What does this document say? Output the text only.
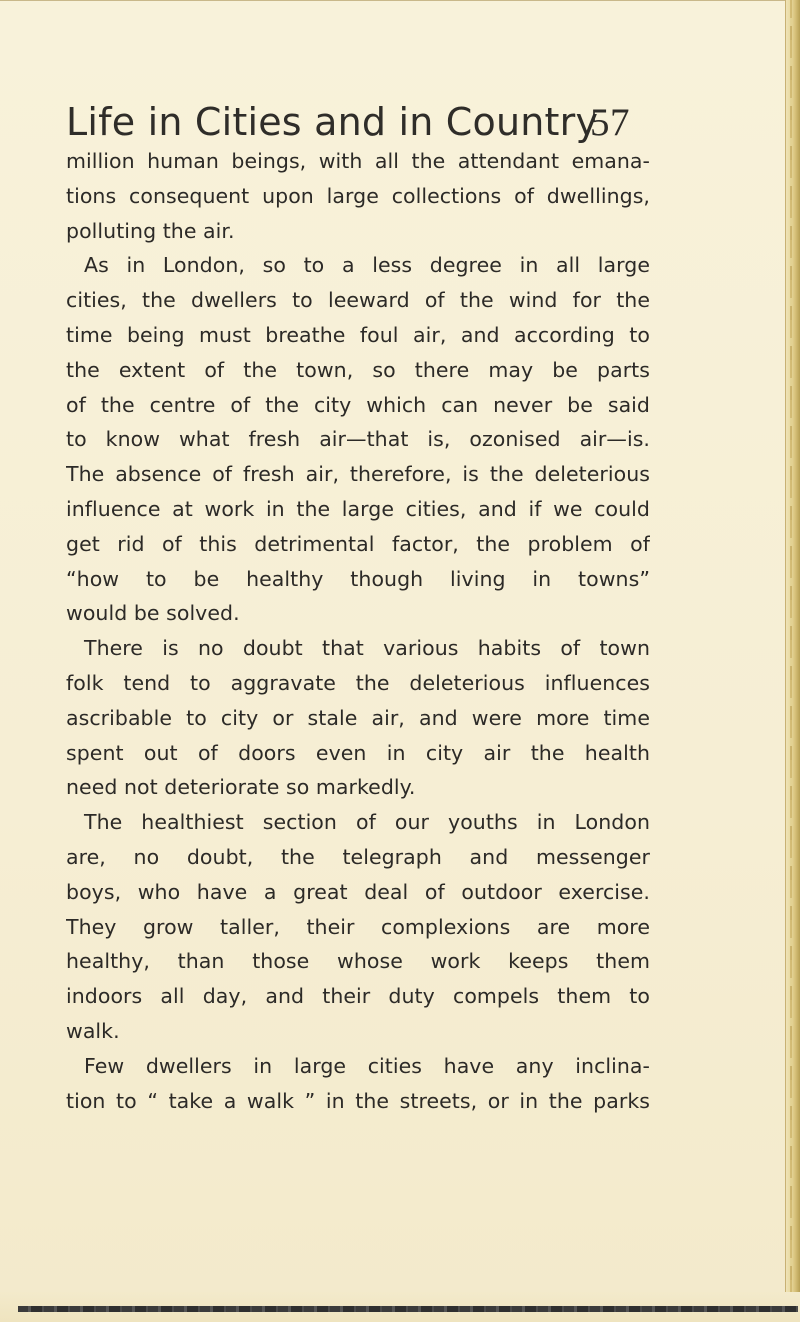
Life in Cities and in Country
57
million human beings, with all the attendant emana-
tions consequent upon large collections of dwellings,
polluting the air.
As in London, so to a less degree in all large
cities, the dwellers to leeward of the wind for the
time being must breathe foul air, and according to
the extent of the town, so there may be parts
of the centre of the city which can never be said
to know what fresh air—that is, ozonised air—is.
The absence of fresh air, therefore, is the deleterious
influence at work in the large cities, and if we could
get rid of this detrimental factor, the problem of
“how to be healthy though living in towns”
would be solved.
There is no doubt that various habits of town
folk tend to aggravate the deleterious influences
ascribable to city or stale air, and were more time
spent out of doors even in city air the health
need not deteriorate so markedly.
The healthiest section of our youths in London
are, no doubt, the telegraph and messenger
boys, who have a great deal of outdoor exercise.
They grow taller, their complexions are more
healthy, than those whose work keeps them
indoors all day, and their duty compels them to
walk.
Few dwellers in large cities have any inclina-
tion to “ take a walk ” in the streets, or in the parks
